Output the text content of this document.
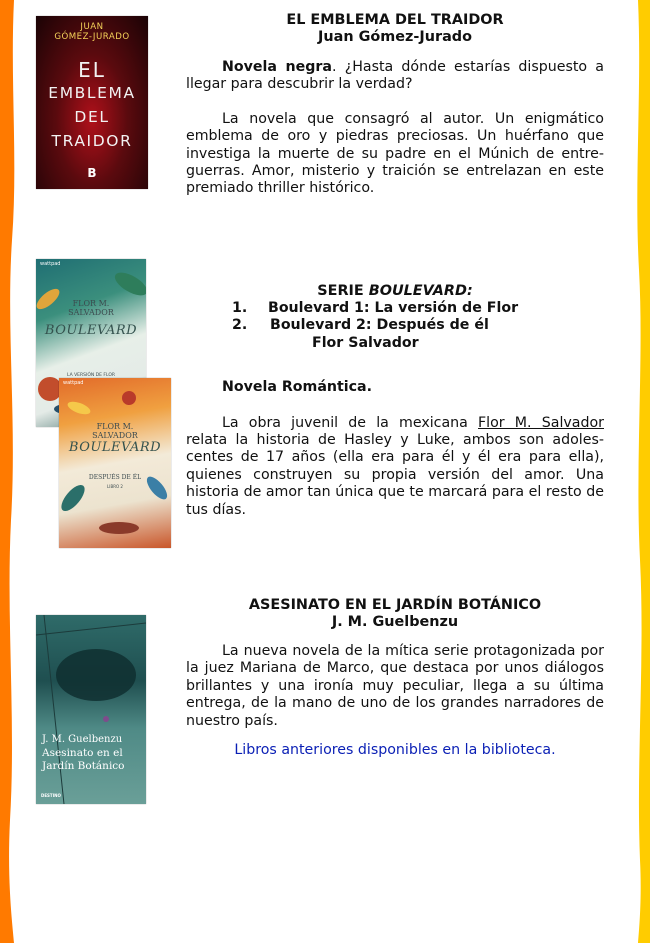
JUAN
GÓMEZ-JURADO
EL
EMBLEMA
DEL
TRAIDOR
B
EL EMBLEMA DEL TRAIDOR
Juan Gómez-Jurado

Novela negra. ¿Hasta dónde estarías dispuesto a llegar para descubrir la verdad?

La novela que consagró al autor. Un enigmático emblema de oro y piedras preciosas. Un huérfano que investiga la muerte de su padre en el Múnich de entreguerras. Amor, misterio y traición se entrelazan en este premiado thriller histórico.

wattpad
FLOR M.
SALVADOR
BOULEVARD
LA VERSIÓN DE FLOR
wattpad
FLOR M.
SALVADOR
BOULEVARD
DESPUÉS DE ÉL
LIBRO 2
SERIE BOULEVARD:
1. Boulevard 1: La versión de Flor
2. Boulevard 2: Después de él
Flor Salvador

Novela Romántica.

La obra juvenil de la mexicana Flor M. Salvador relata la historia de Hasley y Luke, ambos son adolescentes de 17 años (ella era para él y él era para ella), quienes construyen su propia versión del amor. Una historia de amor tan única que te marcará para el resto de tus días.

J. M. Guelbenzu
Asesinato en el
Jardín Botánico
DESTINO
ASESINATO EN EL JARDÍN BOTÁNICO
J. M. Guelbenzu

La nueva novela de la mítica serie protagonizada por la juez Mariana de Marco, que destaca por unos diálogos brillantes y una ironía muy peculiar, llega a su última entrega, de la mano de uno de los grandes narradores de nuestro país.

Libros anteriores disponibles en la biblioteca.
